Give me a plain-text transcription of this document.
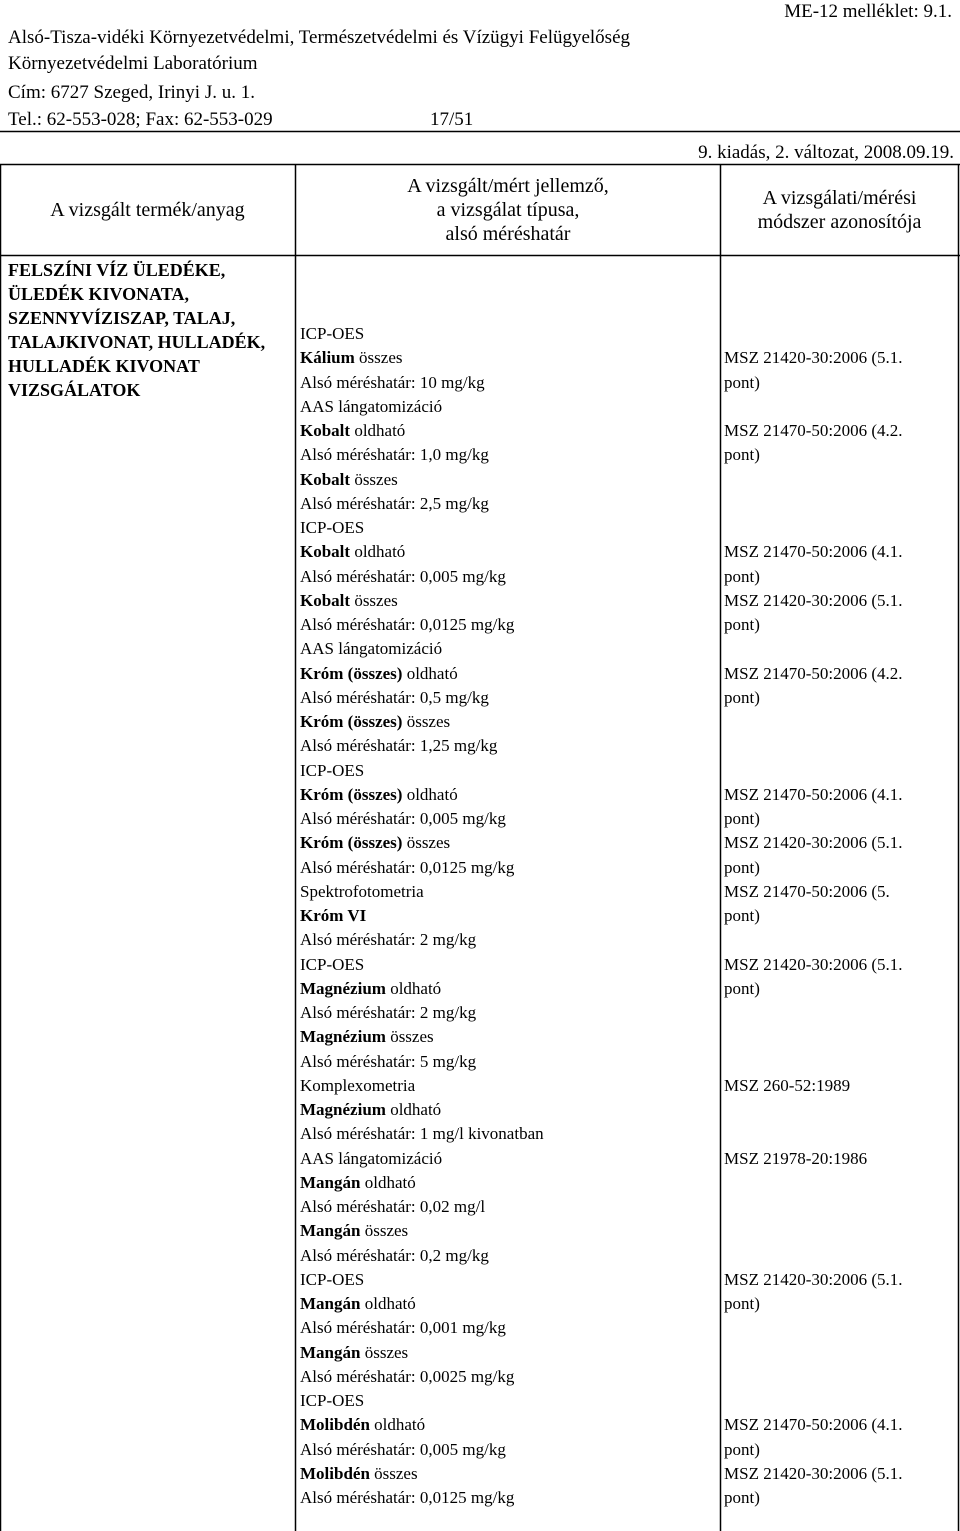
ME-12 melléklet: 9.1.
Alsó-Tisza-vidéki Környezetvédelmi, Természetvédelmi és Vízügyi Felügyelőség
Környezetvédelmi Laboratórium
Cím: 6727 Szeged, Irinyi J. u. 1.
Tel.: 62-553-028; Fax: 62-553-029	17/51
9. kiadás, 2. változat, 2008.09.19.
A vizsgált termék/anyag
A vizsgált/mért jellemző,
a vizsgálat típusa,
alsó méréshatár
A vizsgálati/mérési
módszer azonosítója
FELSZÍNI VÍZ ÜLEDÉKE,
ÜLEDÉK KIVONATA,
SZENNYVÍZISZAP, TALAJ,
TALAJKIVONAT, HULLADÉK,
HULLADÉK KIVONAT
VIZSGÁLATOK
ICP-OES
Kálium összes
Alsó méréshatár: 10 mg/kg
AAS lángatomizáció
Kobalt oldható
Alsó méréshatár: 1,0 mg/kg
Kobalt összes
Alsó méréshatár: 2,5 mg/kg
ICP-OES
Kobalt oldható
Alsó méréshatár: 0,005 mg/kg
Kobalt összes
Alsó méréshatár: 0,0125 mg/kg
AAS lángatomizáció
Króm (összes) oldható
Alsó méréshatár: 0,5 mg/kg
Króm (összes) összes
Alsó méréshatár: 1,25 mg/kg
ICP-OES
Króm (összes) oldható
Alsó méréshatár: 0,005 mg/kg
Króm (összes) összes
Alsó méréshatár: 0,0125 mg/kg
Spektrofotometria
Króm VI
Alsó méréshatár: 2 mg/kg
ICP-OES
Magnézium oldható
Alsó méréshatár: 2 mg/kg
Magnézium összes
Alsó méréshatár: 5 mg/kg
Komplexometria
Magnézium oldható
Alsó méréshatár: 1 mg/l kivonatban
AAS lángatomizáció
Mangán oldható
Alsó méréshatár: 0,02 mg/l
Mangán összes
Alsó méréshatár: 0,2 mg/kg
ICP-OES
Mangán oldható
Alsó méréshatár: 0,001 mg/kg
Mangán összes
Alsó méréshatár: 0,0025 mg/kg
ICP-OES
Molibdén oldható
Alsó méréshatár: 0,005 mg/kg
Molibdén összes
Alsó méréshatár: 0,0125 mg/kg
MSZ 21420-30:2006 (5.1.
pont)
MSZ 21470-50:2006 (4.2.
pont)
MSZ 21470-50:2006 (4.1.
pont)
MSZ 21420-30:2006 (5.1.
pont)
MSZ 21470-50:2006 (4.2.
pont)
MSZ 21470-50:2006 (4.1.
pont)
MSZ 21420-30:2006 (5.1.
pont)
MSZ 21470-50:2006 (5.
pont)
MSZ 21420-30:2006 (5.1.
pont)
MSZ 260-52:1989
MSZ 21978-20:1986
MSZ 21420-30:2006 (5.1.
pont)
MSZ 21470-50:2006 (4.1.
pont)
MSZ 21420-30:2006 (5.1.
pont)
